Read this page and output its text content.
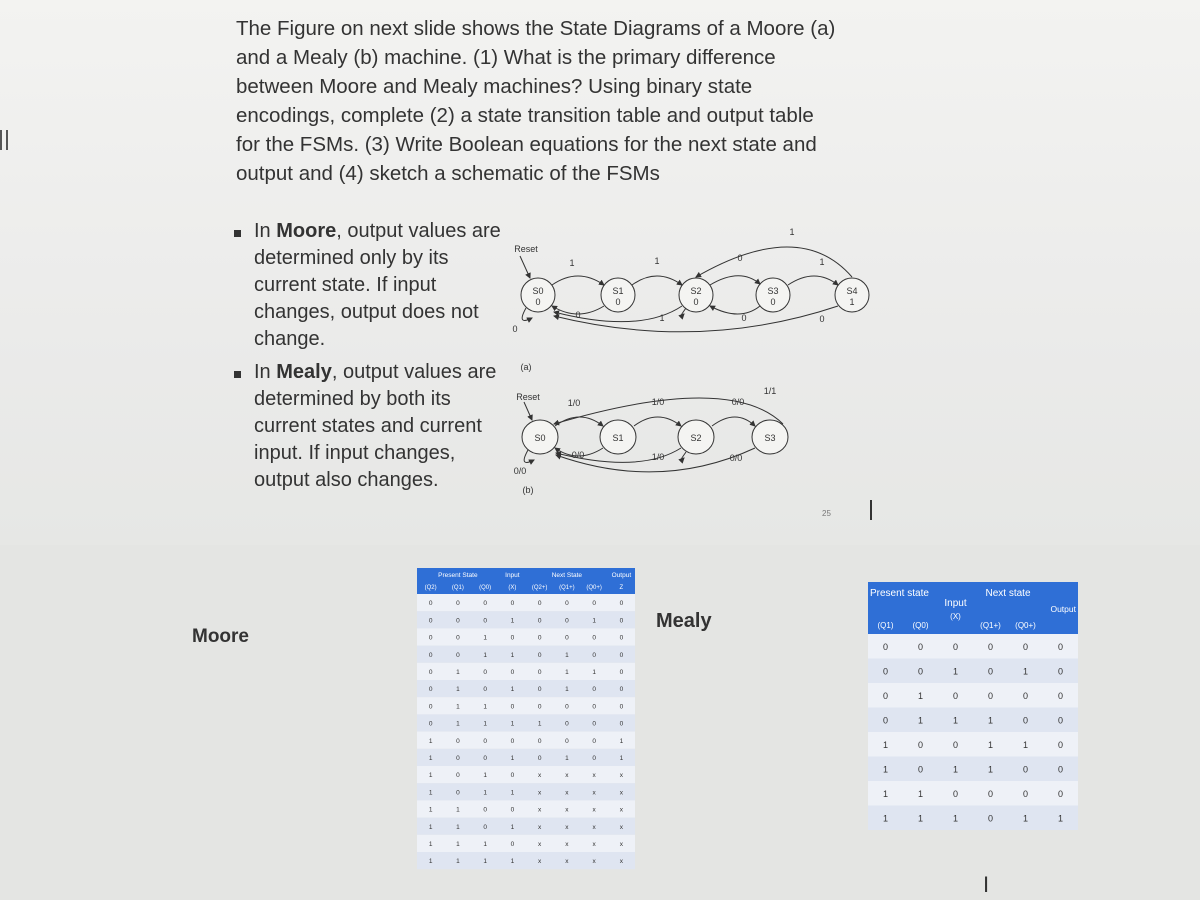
The Figure on next slide shows the State Diagrams of a Moore (a)
and a Mealy (b) machine. (1) What is the primary difference
between Moore and Mealy machines? Using binary state
encodings, complete (2) a state transition table and output table
for the FSMs. (3) Write Boolean equations for the next state and
output and (4) sketch a schematic of the FSMs
In Moore, output values are determined only by its current state. If input changes, output does not change.
In Mealy, output values are determined by both its current states and current input. If input changes, output also changes.
Reset
S0
0
S1
0
S2
0
S3
0
S4
1
1	1
0	1
1
0
0	0
0
1
(a)
Reset
S0	S1	S2	S3
1/0	1/0	0/0
1/1
0/0	1/0	0/0
0/0
(b)
25
Moore
Mealy
Present State	Input	Next State	Output
(Q2)	(Q1)	(Q0)	(X)	(Q2+) (Q1+) (Q0+)	Z
0	0	0	0	0	0	0	0
0	0	0	1	0	0	1	0
0	0	1	0	0	0	0	0
0	0	1	1	0	1	0	0
0	1	0	0	0	1	1	0
0	1	0	1	0	1	0	0
0	1	1	0	0	0	0	0
0	1	1	1	1	0	0	0
1	0	0	0	0	0	0	1
1	0	0	1	0	1	0	1
1	0	1	0	x	x	x	x
1	0	1	1	x	x	x	x
1	1	0	0	x	x	x	x
1	1	0	1	x	x	x	x
1	1	1	0	x	x	x	x
1	1	1	1	x	x	x	x
Present state
Input
(X)
Next state
Output
(Q1) (Q0)	(Q1+) (Q0+)
0	0	0	0	0	0
0	0	1	0	1	0
0	1	0	0	0	0
0	1	1	1	0	0
1	0	0	1	1	0
1	0	1	1	0	0
1	1	0	0	0	0
1	1	1	0	1	1
I
